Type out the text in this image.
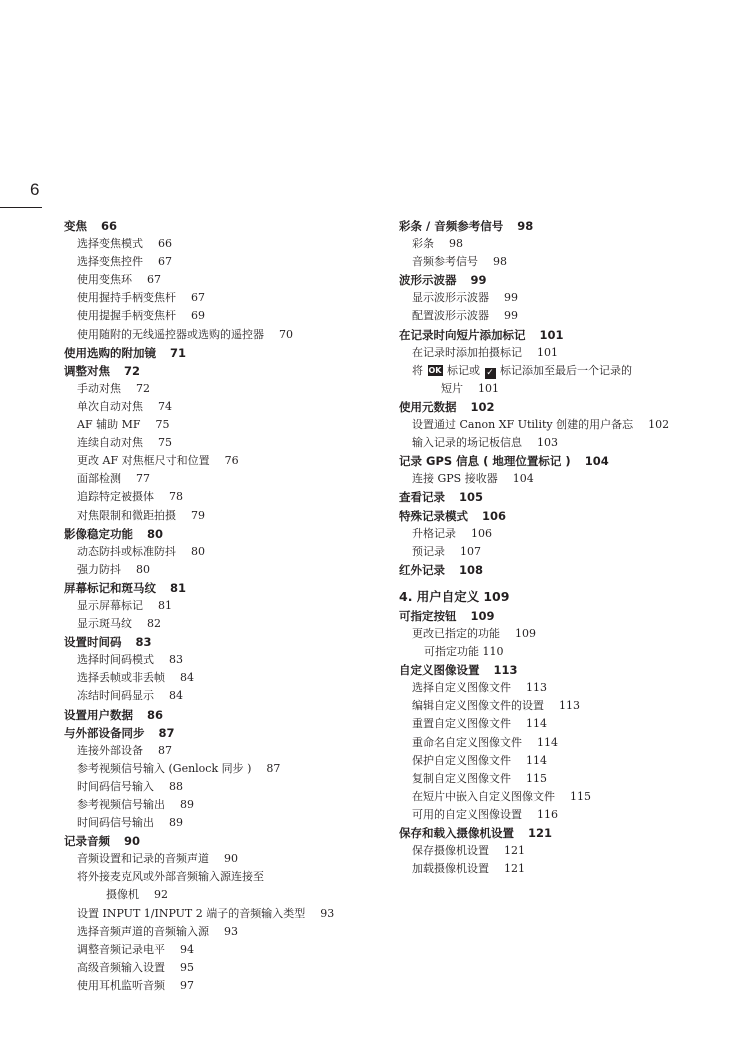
6
变焦 66
选择变焦模式 66
选择变焦控件 67
使用变焦环 67
使用握持手柄变焦杆 67
使用提握手柄变焦杆 69
使用随附的无线遥控器或选购的遥控器 70
使用选购的附加镜 71
调整对焦 72
手动对焦 72
单次自动对焦 74
AF 辅助 MF 75
连续自动对焦 75
更改 AF 对焦框尺寸和位置 76
面部检测 77
追踪特定被摄体 78
对焦限制和微距拍摄 79
影像稳定功能 80
动态防抖或标准防抖 80
强力防抖 80
屏幕标记和斑马纹 81
显示屏幕标记 81
显示斑马纹 82
设置时间码 83
选择时间码模式 83
选择丢帧或非丢帧 84
冻结时间码显示 84
设置用户数据 86
与外部设备同步 87
连接外部设备 87
参考视频信号输入 (Genlock 同步 ) 87
时间码信号输入 88
参考视频信号输出 89
时间码信号输出 89
记录音频 90
音频设置和记录的音频声道 90
将外接麦克风或外部音频输入源连接至
摄像机 92
设置 INPUT 1/INPUT 2 端子的音频输入类型 93
选择音频声道的音频输入源 93
调整音频记录电平 94
高级音频输入设置 95
使用耳机监听音频 97
彩条 / 音频参考信号 98
彩条 98
音频参考信号 98
波形示波器 99
显示波形示波器 99
配置波形示波器 99
在记录时向短片添加标记 101
在记录时添加拍摄标记 101
将 OK 标记或 ✓ 标记添加至最后一个记录的
短片 101
使用元数据 102
设置通过 Canon XF Utility 创建的用户备忘 102
输入记录的场记板信息 103
记录 GPS 信息 ( 地理位置标记 ) 104
连接 GPS 接收器 104
查看记录 105
特殊记录模式 106
升格记录 106
预记录 107
红外记录 108
4. 用户自定义 109
可指定按钮 109
更改已指定的功能 109
可指定功能 110
自定义图像设置 113
选择自定义图像文件 113
编辑自定义图像文件的设置 113
重置自定义图像文件 114
重命名自定义图像文件 114
保护自定义图像文件 114
复制自定义图像文件 115
在短片中嵌入自定义图像文件 115
可用的自定义图像设置 116
保存和载入摄像机设置 121
保存摄像机设置 121
加载摄像机设置 121
